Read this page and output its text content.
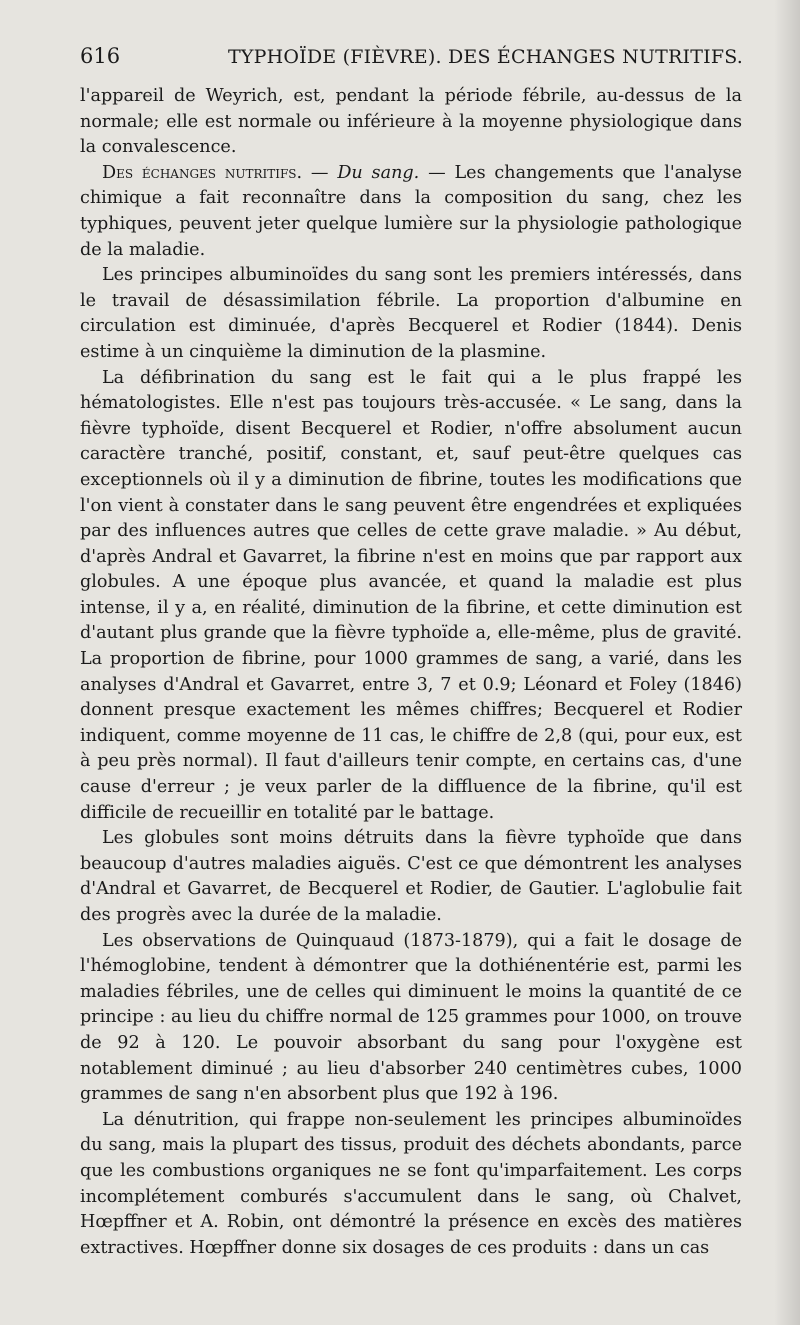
616	TYPHOÏDE (FIÈVRE). DES ÉCHANGES NUTRITIFS.

l'appareil de Weyrich, est, pendant la période fébrile, au-dessus de la normale; elle est normale ou inférieure à la moyenne physiologique dans la convalescence.

Des échanges nutritifs. — Du sang. — Les changements que l'analyse chimique a fait reconnaître dans la composition du sang, chez les typhiques, peuvent jeter quelque lumière sur la physiologie pathologique de la maladie.

Les principes albuminoïdes du sang sont les premiers intéressés, dans le travail de désassimilation fébrile. La proportion d'albumine en circulation est diminuée, d'après Becquerel et Rodier (1844). Denis estime à un cinquième la diminution de la plasmine.

La défibrination du sang est le fait qui a le plus frappé les hématologistes. Elle n'est pas toujours très-accusée. « Le sang, dans la fièvre typhoïde, disent Becquerel et Rodier, n'offre absolument aucun caractère tranché, positif, constant, et, sauf peut-être quelques cas exceptionnels où il y a diminution de fibrine, toutes les modifications que l'on vient à constater dans le sang peuvent être engendrées et expliquées par des influences autres que celles de cette grave maladie. » Au début, d'après Andral et Gavarret, la fibrine n'est en moins que par rapport aux globules. A une époque plus avancée, et quand la maladie est plus intense, il y a, en réalité, diminution de la fibrine, et cette diminution est d'autant plus grande que la fièvre typhoïde a, elle-même, plus de gravité. La proportion de fibrine, pour 1000 grammes de sang, a varié, dans les analyses d'Andral et Gavarret, entre 3, 7 et 0.9; Léonard et Foley (1846) donnent presque exactement les mêmes chiffres; Becquerel et Rodier indiquent, comme moyenne de 11 cas, le chiffre de 2,8 (qui, pour eux, est à peu près normal). Il faut d'ailleurs tenir compte, en certains cas, d'une cause d'erreur ; je veux parler de la diffluence de la fibrine, qu'il est difficile de recueillir en totalité par le battage.

Les globules sont moins détruits dans la fièvre typhoïde que dans beaucoup d'autres maladies aiguës. C'est ce que démontrent les analyses d'Andral et Gavarret, de Becquerel et Rodier, de Gautier. L'aglobulie fait des progrès avec la durée de la maladie.

Les observations de Quinquaud (1873-1879), qui a fait le dosage de l'hémoglobine, tendent à démontrer que la dothiénentérie est, parmi les maladies fébriles, une de celles qui diminuent le moins la quantité de ce principe : au lieu du chiffre normal de 125 grammes pour 1000, on trouve de 92 à 120. Le pouvoir absorbant du sang pour l'oxygène est notablement diminué ; au lieu d'absorber 240 centimètres cubes, 1000 grammes de sang n'en absorbent plus que 192 à 196.

La dénutrition, qui frappe non-seulement les principes albuminoïdes du sang, mais la plupart des tissus, produit des déchets abondants, parce que les combustions organiques ne se font qu'imparfaitement. Les corps incomplétement comburés s'accumulent dans le sang, où Chalvet, Hœpffner et A. Robin, ont démontré la présence en excès des matières extractives. Hœpffner donne six dosages de ces produits : dans un cas
